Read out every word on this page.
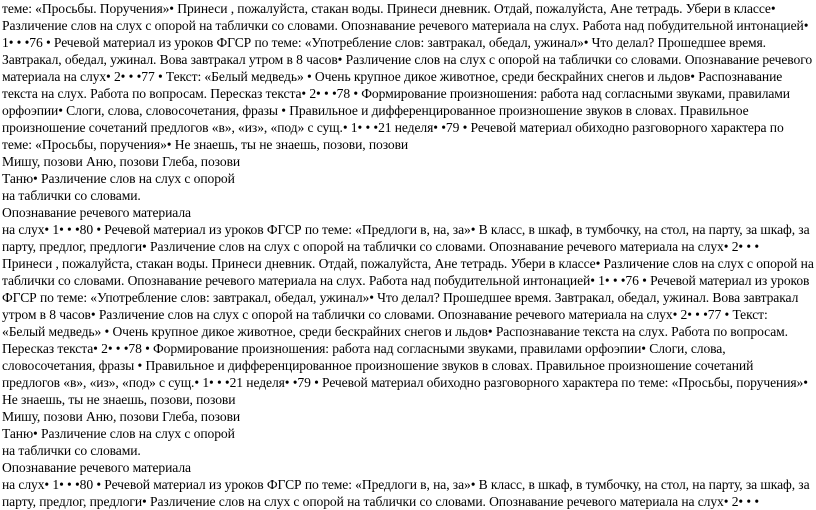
теме: «Просьбы. Поручения»• Принеси , пожалуйста, стакан воды. Принеси дневник. Отдай, пожалуйста, Ане тетрадь. Убери в классе• Различение слов на слух с опорой на таблички со словами. Опознавание речевого материала на слух. Работа над побудительной интонацией• 1• • •76 • Речевой материал из уроков ФГСР по теме: «Употребление слов: завтракал, обедал, ужинал»• Что делал? Прошедшее время. Завтракал, обедал, ужинал. Вова завтракал утром в 8 часов• Различение слов на слух с опорой на таблички со словами. Опознавание речевого материала на слух• 2• • •77 • Текст: «Белый медведь» • Очень крупное дикое животное, среди бескрайних снегов и льдов• Распознавание текста на слух. Работа по вопросам. Пересказ текста• 2• • •78 • Формирование произношения: работа над согласными звуками, правилами орфоэпии• Слоги, слова, словосочетания, фразы • Правильное и дифференцированное произношение звуков в словах. Правильное произношение сочетаний предлогов «в», «из», «под» с сущ.• 1• • •21 неделя• •79 • Речевой материал обиходно разговорного характера по теме: «Просьбы, поручения»• Не знаешь, ты не знаешь, позови, позови

Мишу, позови Аню, позови Глеба, позови
Таню• Различение слов на слух с опорой
на таблички со словами.
Опознавание речевого материала

на слух• 1• • •80 • Речевой материал из уроков ФГСР по теме: «Предлоги в, на, за»• В класс, в шкаф, в тумбочку, на стол, на парту, за шкаф, за парту, предлог, предлоги• Различение слов на слух с опорой на таблички со словами. Опознавание речевого материала на слух• 2• • •

Принеси , пожалуйста, стакан воды. Принеси дневник. Отдай, пожалуйста, Ане тетрадь. Убери в классе• Различение слов на слух с опорой на таблички со словами. Опознавание речевого материала на слух. Работа над побудительной интонацией• 1• • •76 • Речевой материал из уроков ФГСР по теме: «Употребление слов: завтракал, обедал, ужинал»• Что делал? Прошедшее время. Завтракал, обедал, ужинал. Вова завтракал утром в 8 часов• Различение слов на слух с опорой на таблички со словами. Опознавание речевого материала на слух• 2• • •77 • Текст: «Белый медведь» • Очень крупное дикое животное, среди бескрайних снегов и льдов• Распознавание текста на слух. Работа по вопросам. Пересказ текста• 2• • •78 • Формирование произношения: работа над согласными звуками, правилами орфоэпии• Слоги, слова, словосочетания, фразы • Правильное и дифференцированное произношение звуков в словах. Правильное произношение сочетаний предлогов «в», «из», «под» с сущ.• 1• • •21 неделя• •79 • Речевой материал обиходно разговорного характера по теме: «Просьбы, поручения»• Не знаешь, ты не знаешь, позови, позови

Мишу, позови Аню, позови Глеба, позови
Таню• Различение слов на слух с опорой
на таблички со словами.
Опознавание речевого материала

на слух• 1• • •80 • Речевой материал из уроков ФГСР по теме: «Предлоги в, на, за»• В класс, в шкаф, в тумбочку, на стол, на парту, за шкаф, за парту, предлог, предлоги• Различение слов на слух с опорой на таблички со словами. Опознавание речевого материала на слух• 2• • •
